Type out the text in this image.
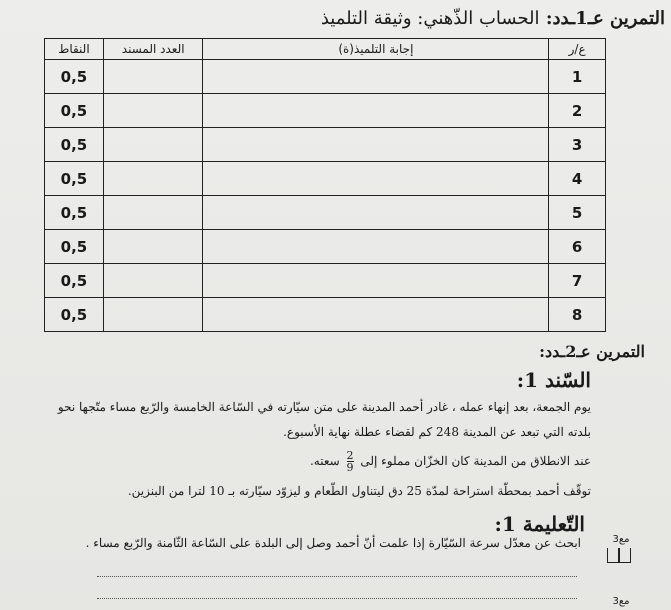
التمرين عـ1ـدد: الحساب الذّهني: وثيقة التلميذ
ع/ر	إجابة التلميذ(ة)	العدد المسند	النقاط
1			0,5
2			0,5
3			0,5
4			0,5
5			0,5
6			0,5
7			0,5
8			0,5
التمرين عـ2ـدد:
السّند 1:
يوم الجمعة، بعد إنهاء عمله ، غادر أحمد المدينة على متن سيّارته في السّاعة الخامسة والرّبع مساء متّجها نحو
بلدته التي تبعد عن المدينة 248 كم لقضاء عطلة نهاية الأسبوع.
عند الانطلاق من المدينة كان الخزّان مملوء إلى
$\frac{2}{9}$
سعته.
توقّف أحمد بمحطّة استراحة لمدّة 25 دق ليتناول الطّعام و ليزوّد سيّارته بـ 10 لترا من البنزين.
التّعليمة 1:
ابحث عن معدّل سرعة السّيّارة إذا علمت أنّ أحمد وصل إلى البلدة على السّاعة الثّامنة والرّبع مساء .	مع3
مع3
